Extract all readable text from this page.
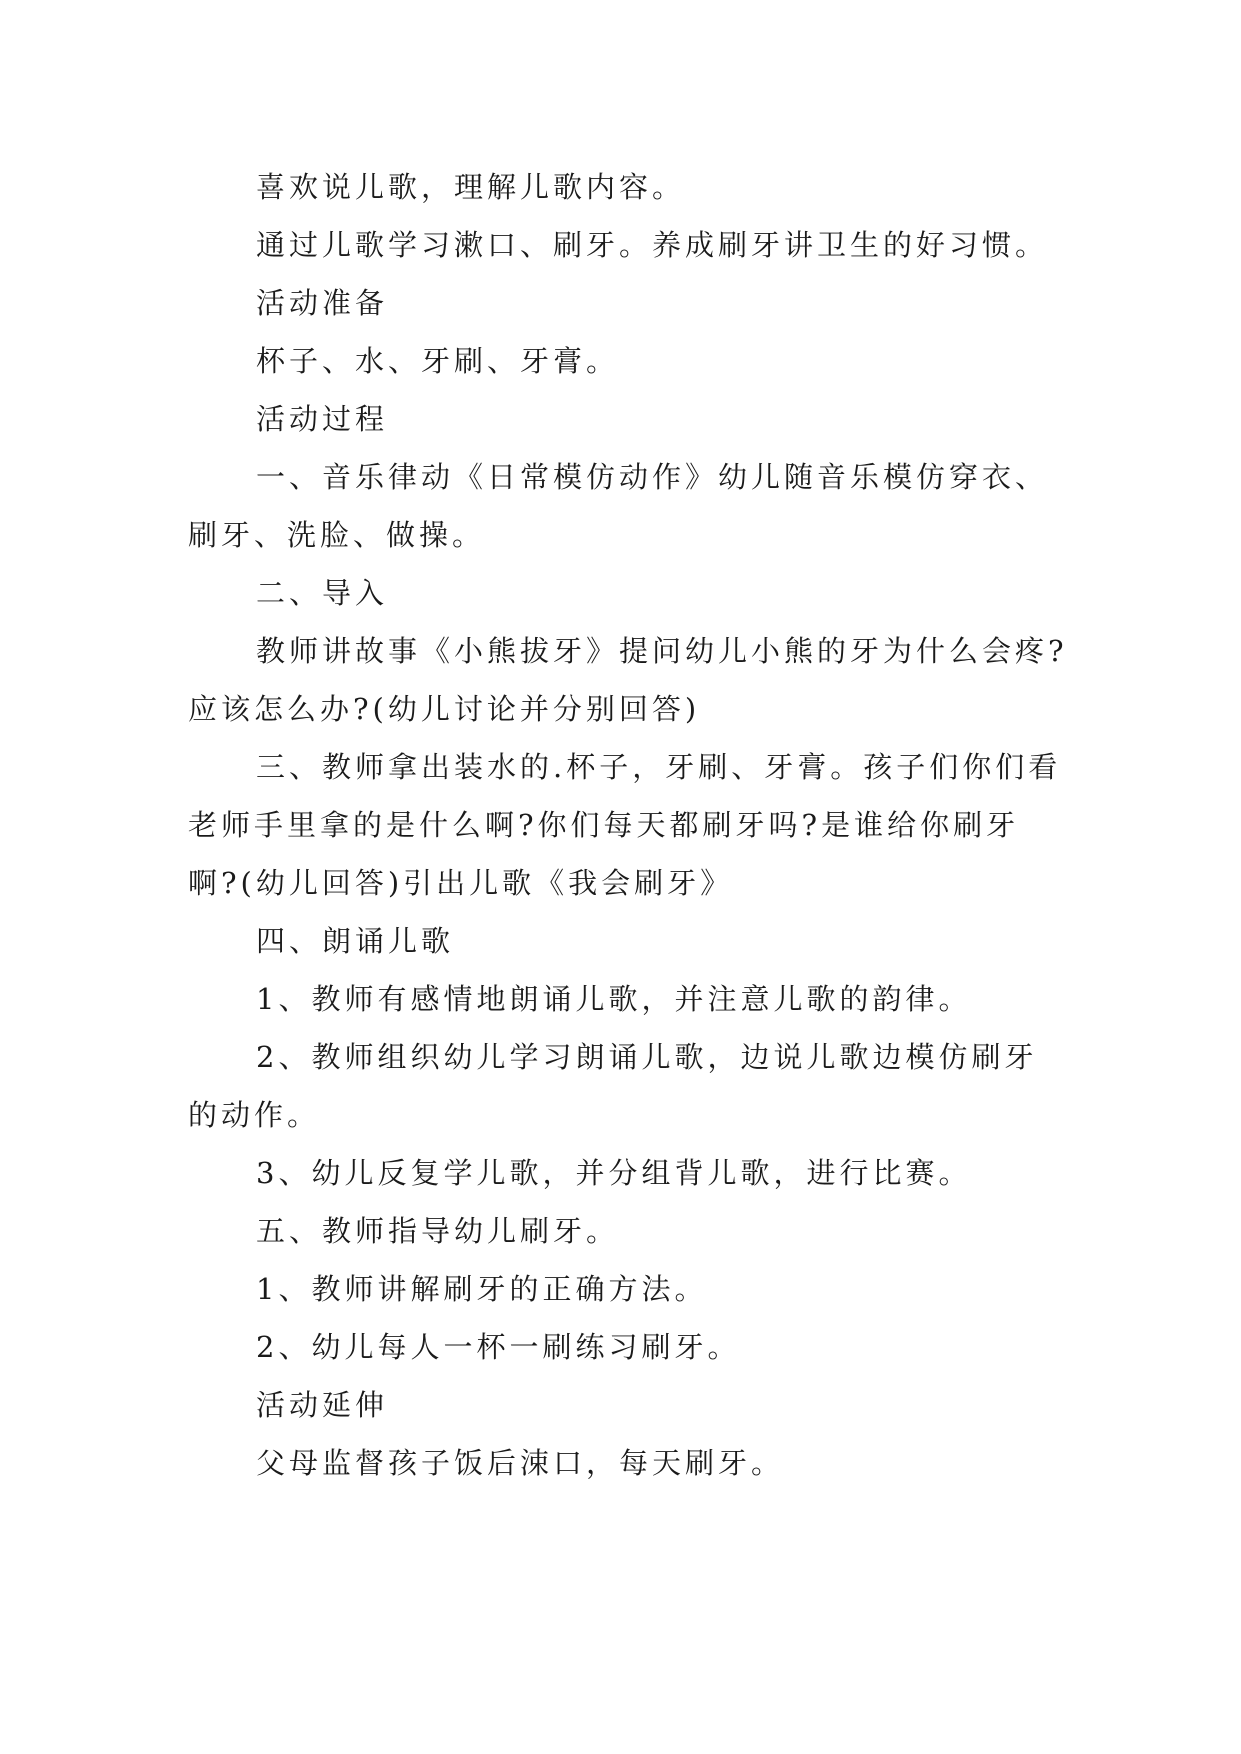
喜欢说儿歌，理解儿歌内容。

通过儿歌学习漱口、刷牙。养成刷牙讲卫生的好习惯。

活动准备

杯子、水、牙刷、牙膏。

活动过程

一、音乐律动《日常模仿动作》幼儿随音乐模仿穿衣、刷牙、洗脸、做操。

二、导入

教师讲故事《小熊拔牙》提问幼儿小熊的牙为什么会疼?应该怎么办?(幼儿讨论并分别回答)

三、教师拿出装水的.杯子，牙刷、牙膏。孩子们你们看老师手里拿的是什么啊?你们每天都刷牙吗?是谁给你刷牙啊?(幼儿回答)引出儿歌《我会刷牙》

四、朗诵儿歌

1、教师有感情地朗诵儿歌，并注意儿歌的韵律。

2、教师组织幼儿学习朗诵儿歌，边说儿歌边模仿刷牙的动作。

3、幼儿反复学儿歌，并分组背儿歌，进行比赛。

五、教师指导幼儿刷牙。

1、教师讲解刷牙的正确方法。

2、幼儿每人一杯一刷练习刷牙。

活动延伸

父母监督孩子饭后涑口，每天刷牙。
